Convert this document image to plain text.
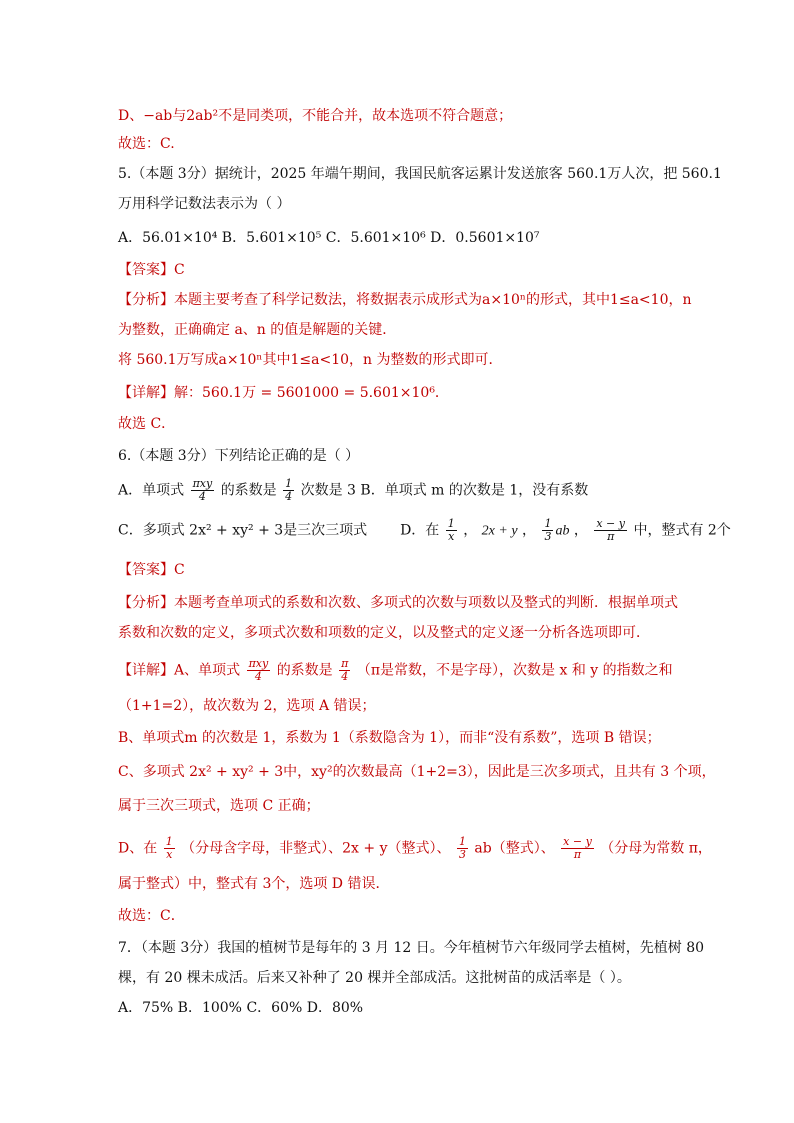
D、−ab与2ab²不是同类项，不能合并，故本选项不符合题意；
故选：C.
5.（本题 3分）据统计，2025 年端午期间，我国民航客运累计发送旅客 560.1万人次，把 560.1
万用科学记数法表示为（ ）
A．56.01×10⁴ B．5.601×10⁵ C．5.601×10⁶ D．0.5601×10⁷
【答案】C
【分析】本题主要考查了科学记数法，将数据表示成形式为a×10ⁿ的形式，其中1≤a<10，n
为整数，正确确定 a、n 的值是解题的关键．
将 560.1万写成a×10ⁿ其中1≤a<10，n 为整数的形式即可．
【详解】解：560.1万 = 5601000 = 5.601×10⁶．
故选 C．
6.（本题 3分）下列结论正确的是（ ）
A．单项式 $\frac{\text{πxy}}{4}$ 的系数是 $\frac{1}{4}$ 次数是 3 B．单项式 m 的次数是 1，没有系数
C．多项式 2x² + xy² + 3是三次三项式 D．在 $\frac{1}{x}$ ， 2x + y ， $\frac{1}{3}$ ab ， $\frac{x - y}{\pi}$ 中，整式有 2个
【答案】C
【分析】本题考查单项式的系数和次数、多项式的次数与项数以及整式的判断．根据单项式
系数和次数的定义，多项式次数和项数的定义，以及整式的定义逐一分析各选项即可．
【详解】A、单项式 $\frac{\text{πxy}}{4}$ 的系数是 $\frac{\pi}{4} (\pi$是常数，不是字母），次数是 x 和 y 的指数之和
（1+1=2），故次数为 2，选项 A 错误；
B、单项式m 的次数是 1，系数为 1（系数隐含为 1），而非“没有系数”，选项 B 错误；
C、多项式 2x² + xy² + 3中，xy²的次数最高（1+2=3），因此是三次多项式，且共有 3 个项，
属于三次三项式，选项 C 正确；
D、在 $\frac{1}{x}$ （分母含字母，非整式）、2x + y（整式）、 $\frac{1}{3} ab$（整式）、 $\frac{x - y}{\pi}$ （分母为常数 π，
属于整式）中，整式有 3个，选项 D 错误．
故选：C．
7．（本题 3分）我国的植树节是每年的 3 月 12 日。今年植树节六年级同学去植树，先植树 80
棵，有 20 棵未成活。后来又补种了 20 棵并全部成活。这批树苗的成活率是（ ）。
A．75% B．100% C．60% D．80%
